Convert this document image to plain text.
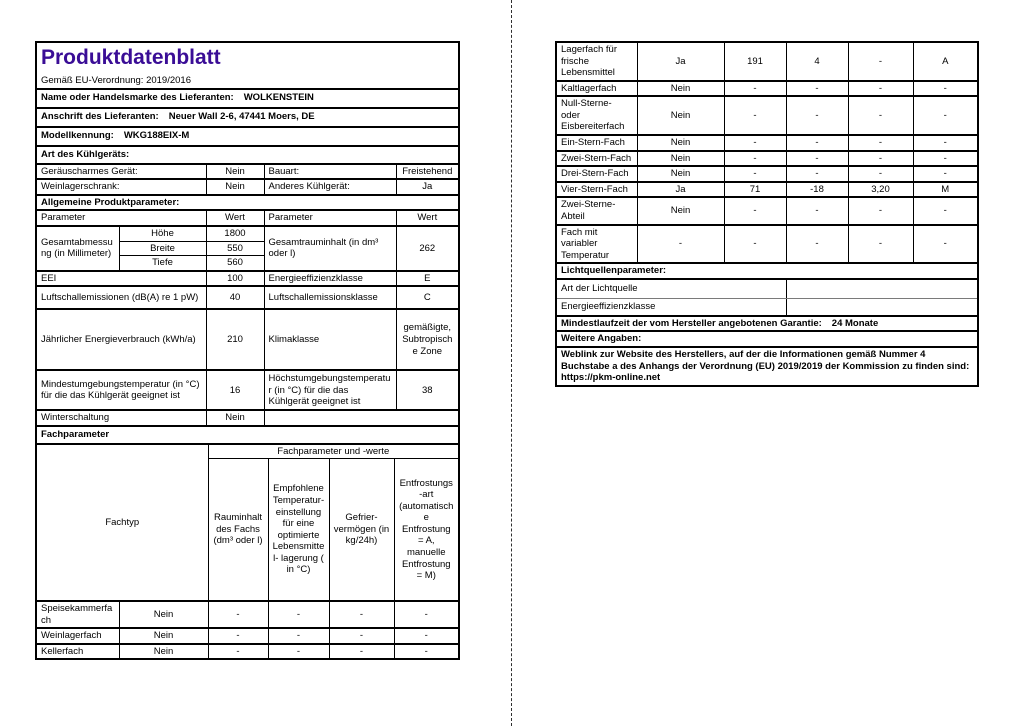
Produktdatenblatt
Gemäß EU-Verordnung: 2019/2016				

Name oder Handelsmarke des Lieferanten: WOLKENSTEIN				
Anschrift des Lieferanten: Neuer Wall 2-6, 47441 Moers, DE				
Modellkennung: WKG188EIX-M				
Art des Kühlgeräts:				
Geräuscharmes Gerät:		Nein	Bauart:	Freistehend
Weinlagerschrank:		Nein	Anderes Kühlgerät:	Ja
Allgemeine Produktparameter:				
Parameter		Wert	Parameter	Wert
Gesamtabmessung (in Millimeter)	Höhe	1800	Gesamtrauminhalt (in dm³ oder l)	262
	Breite	550		
	Tiefe	560		
EEI		100	Energieeffizienzklasse	E
Luftschallemissionen (dB(A) re 1 pW)		40	Luftschallemissionsklasse	C
Jährlicher Energieverbrauch (kWh/a)		210	Klimaklasse	gemäßigte, Subtropische Zone
Mindestumgebungstemperatur (in °C) für die das Kühlgerät geeignet ist		16	Höchstumgebungstemperatur (in °C) für die das Kühlgerät geeignet ist	38
Winterschaltung		Nein		
Fachparameter					
Fachtyp		Fachparameter und -werte			
		Rauminhalt des Fachs (dm³ oder l)	Empfohlene Temperatur- einstellung für eine optimierte Lebensmittel- lagerung ( in °C)	Gefrier- vermögen (in kg/24h)	Entfrostungs-art (automatische Entfrostung = A, manuelle Entfrostung = M)
Speisekammerfach	Nein	-	-	-	-
Weinlagerfach	Nein	-	-	-	-
Kellerfach	Nein	-	-	-	-
Lagerfach für frische Lebensmittel	Ja	191	4	-	A
Kaltlagerfach	Nein	-	-	-	-
Null-Sterne- oder Eisbereiterfach	Nein	-	-	-	-
Ein-Stern-Fach	Nein	-	-	-	-
Zwei-Stern-Fach	Nein	-	-	-	-
Drei-Stern-Fach	Nein	-	-	-	-
Vier-Stern-Fach	Ja	71	-18	3,20	M
Zwei-Sterne-Abteil	Nein	-	-	-	-
Fach mit variabler Temperatur	-	-	-	-	-
Lichtquellenparameter:					
Art der Lichtquelle					
Energieeffizienzklasse					
Mindestlaufzeit der vom Hersteller angebotenen Garantie: 24 Monate					
Weitere Angaben:					
Weblink zur Website des Herstellers, auf der die Informationen gemäß Nummer 4 Buchstabe a des Anhangs der Verordnung (EU) 2019/2019 der Kommission zu finden sind: https://pkm-online.net					
